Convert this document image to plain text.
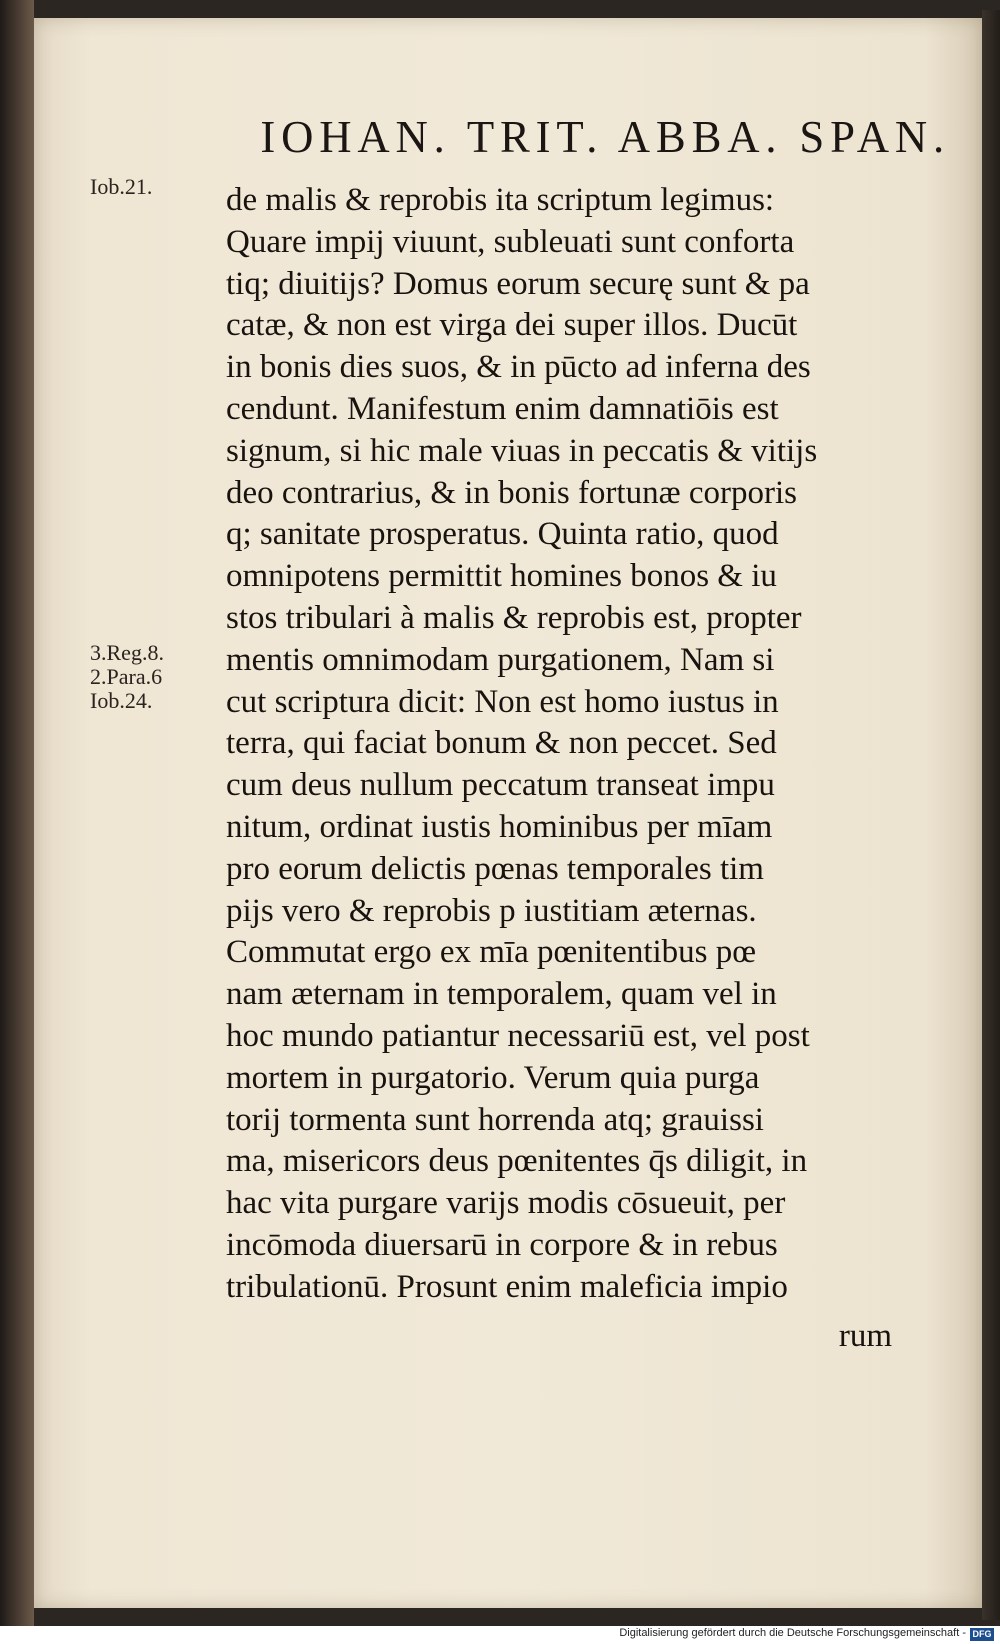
IOHAN. TRIT. ABBA. SPAN.
Iob.21.
3.Reg.8.
2.Para.6
Iob.24.
de malis & reprobis ita scriptum legimus:
Quare impij viuunt, subleuati sunt conforta
tiq; diuitijs? Domus eorum securę sunt & pa
catæ, & non est virga dei super illos. Ducūt
in bonis dies suos, & in pūcto ad inferna des
cendunt. Manifestum enim damnatiōis est
signum, si hic male viuas in peccatis & vitijs
deo contrarius, & in bonis fortunæ corporis
q; sanitate prosperatus. Quinta ratio, quod
omnipotens permittit homines bonos & iu
stos tribulari à malis & reprobis est, propter
mentis omnimodam purgationem, Nam si
cut scriptura dicit: Non est homo iustus in
terra, qui faciat bonum & non peccet. Sed
cum deus nullum peccatum transeat impu
nitum, ordinat iustis hominibus per mīam
pro eorum delictis pœnas temporales tim
pijs vero & reprobis p iustitiam æternas.
Commutat ergo ex mīa pœnitentibus pœ
nam æternam in temporalem, quam vel in
hoc mundo patiantur necessariū est, vel post
mortem in purgatorio. Verum quia purga
torij tormenta sunt horrenda atq; grauissi
ma, misericors deus pœnitentes q̄s diligit, in
hac vita purgare varijs modis cōsueuit, per
incōmoda diuersarū in corpore & in rebus
tribulationū. Prosunt enim maleficia impio
rum
Digitalisierung gefördert durch die Deutsche Forschungsgemeinschaft - DFG
